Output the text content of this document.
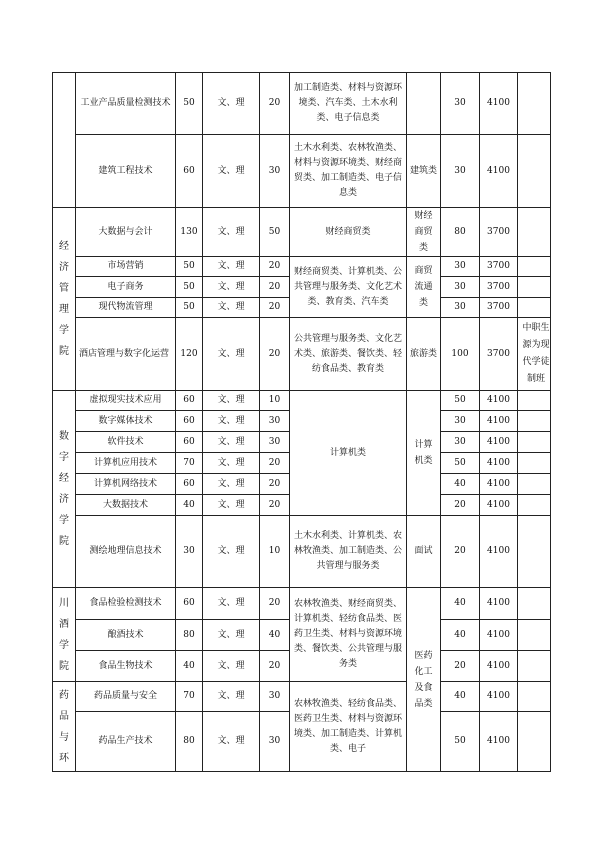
	工业产品质量检测技术	50	文、理	20	加工制造类、材料与资源环境类、汽车类、土木水利类、电子信息类		30	4100	
	建筑工程技术	60	文、理	30	土木水利类、农林牧渔类、材料与资源环境类、财经商贸类、加工制造类、电子信息类	建筑类	30	4100	

经济管理学院	大数据与会计	130	文、理	50	财经商贸类	财经商贸类	80	3700	
	市场营销	50	文、理	20	财经商贸类、计算机类、公共管理与服务类、文化艺术类、教育类、汽车类	商贸流通类	30	3700	
	电子商务	50	文、理	20			30	3700	
	现代物流管理	50	文、理	20			30	3700	
	酒店管理与数字化运营	120	文、理	20	公共管理与服务类、文化艺术类、旅游类、餐饮类、轻纺食品类、教育类	旅游类	100	3700	中职生源为现代学徒制班

数字经济学院	虚拟现实技术应用	60	文、理	10	计算机类	计算机类	50	4100	
	数字媒体技术	60	文、理	30			30	4100	
	软件技术	60	文、理	30			30	4100	
	计算机应用技术	70	文、理	20			50	4100	
	计算机网络技术	60	文、理	20			40	4100	
	大数据技术	40	文、理	20			20	4100	
	测绘地理信息技术	30	文、理	10	土木水利类、计算机类、农林牧渔类、加工制造类、公共管理与服务类	面试	20	4100	

川酒学院	食品检验检测技术	60	文、理	20	农林牧渔类、财经商贸类、计算机类、轻纺食品类、医药卫生类、材料与资源环境类、餐饮类、公共管理与服务类	医药化工及食品类	40	4100	
	酿酒技术	80	文、理	40			40	4100	
	食品生物技术	40	文、理	20			20	4100	

药品与环	药品质量与安全	70	文、理	30	农林牧渔类、轻纺食品类、医药卫生类、材料与资源环境类、加工制造类、计算机类、电子		40	4100	
	药品生产技术	80	文、理	30			50	4100	
